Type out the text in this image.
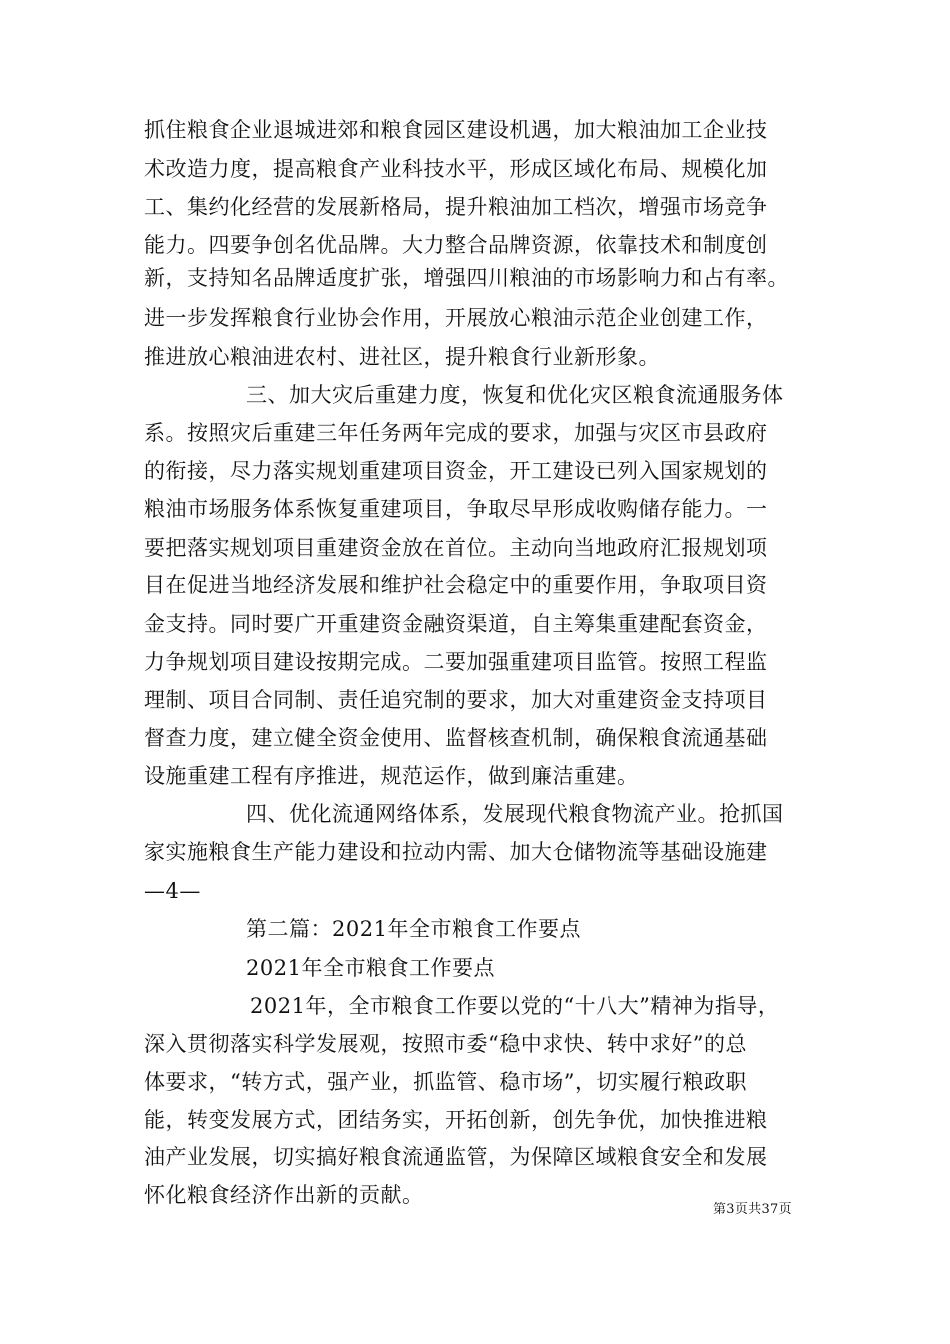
抓住粮食企业退城进郊和粮食园区建设机遇，加大粮油加工企业技
术改造力度，提高粮食产业科技水平，形成区域化布局、规模化加
工、集约化经营的发展新格局，提升粮油加工档次，增强市场竞争
能力。四要争创名优品牌。大力整合品牌资源，依靠技术和制度创
新，支持知名品牌适度扩张，增强四川粮油的市场影响力和占有率。
进一步发挥粮食行业协会作用，开展放心粮油示范企业创建工作，
推进放心粮油进农村、进社区，提升粮食行业新形象。
三、加大灾后重建力度，恢复和优化灾区粮食流通服务体
系。按照灾后重建三年任务两年完成的要求，加强与灾区市县政府
的衔接，尽力落实规划重建项目资金，开工建设已列入国家规划的
粮油市场服务体系恢复重建项目，争取尽早形成收购储存能力。一
要把落实规划项目重建资金放在首位。主动向当地政府汇报规划项
目在促进当地经济发展和维护社会稳定中的重要作用，争取项目资
金支持。同时要广开重建资金融资渠道，自主筹集重建配套资金，
力争规划项目建设按期完成。二要加强重建项目监管。按照工程监
理制、项目合同制、责任追究制的要求，加大对重建资金支持项目
督查力度，建立健全资金使用、监督核查机制，确保粮食流通基础
设施重建工程有序推进，规范运作，做到廉洁重建。
四、优化流通网络体系，发展现代粮食物流产业。抢抓国
家实施粮食生产能力建设和拉动内需、加大仓储物流等基础设施建
—4—
第二篇：2021年全市粮食工作要点
2021年全市粮食工作要点
2021年，全市粮食工作要以党的“十八大”精神为指导，
深入贯彻落实科学发展观，按照市委“稳中求快、转中求好”的总
体要求，“转方式，强产业，抓监管、稳市场”，切实履行粮政职
能，转变发展方式，团结务实，开拓创新，创先争优，加快推进粮
油产业发展，切实搞好粮食流通监管，为保障区域粮食安全和发展
怀化粮食经济作出新的贡献。
第3页共37页
